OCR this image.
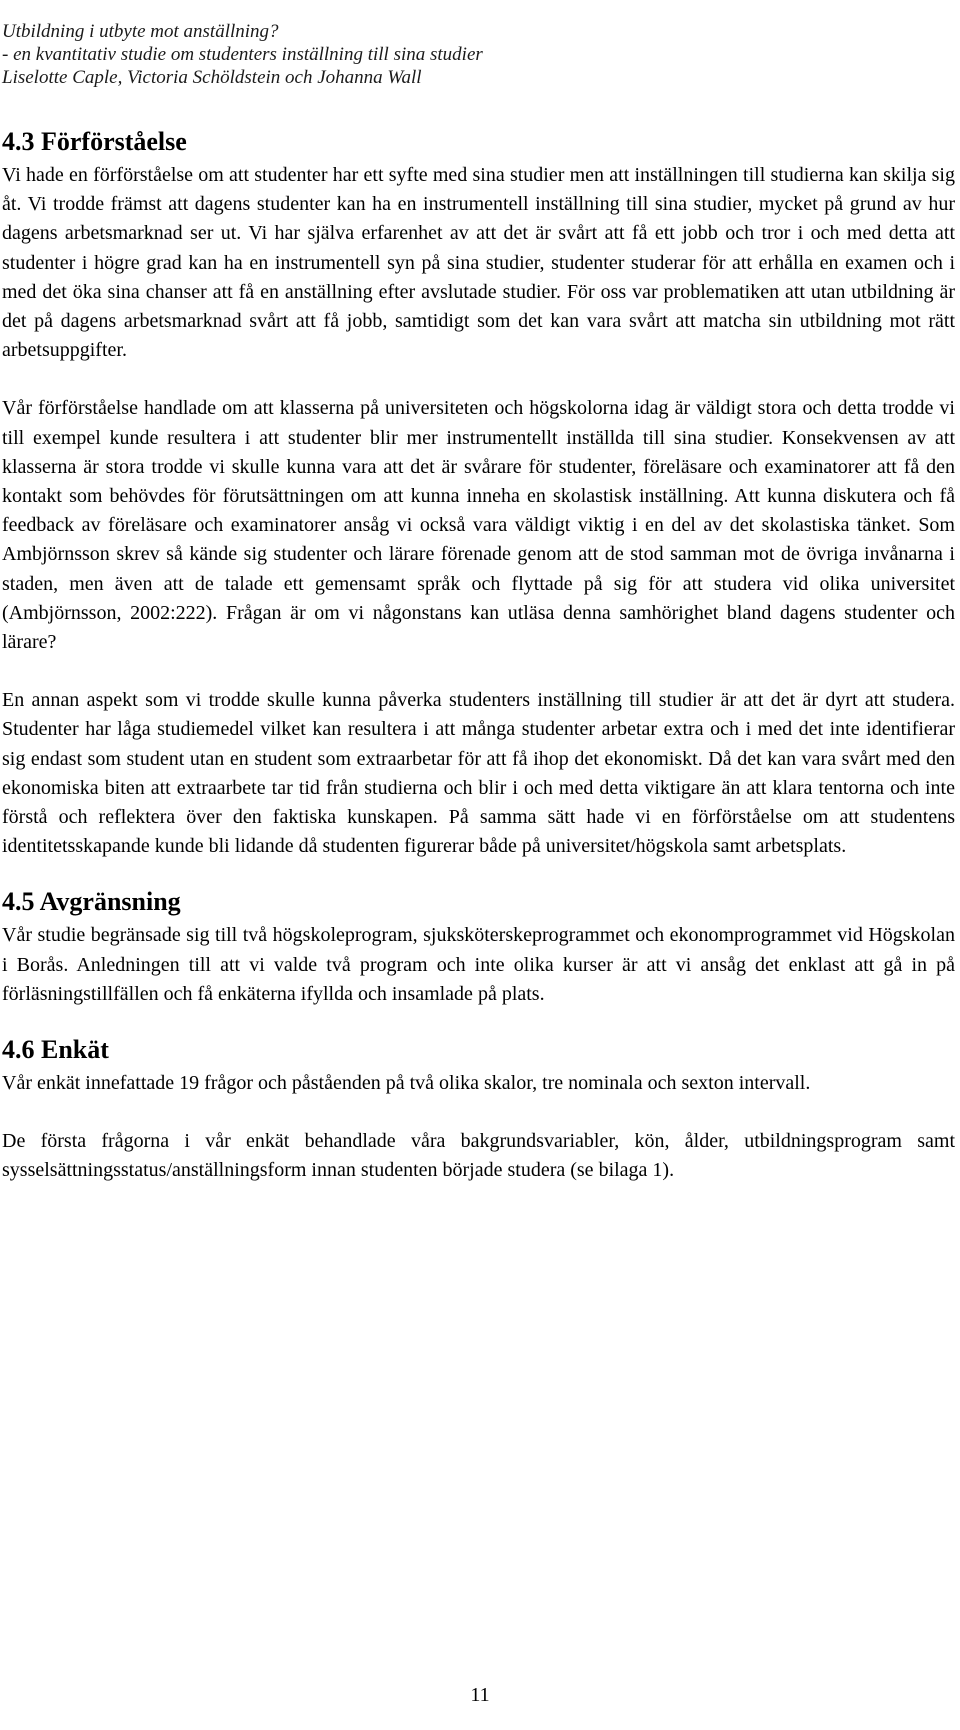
Utbildning i utbyte mot anställning?
- en kvantitativ studie om studenters inställning till sina studier
Liselotte Caple, Victoria Schöldstein och Johanna Wall
4.3 Förförståelse

Vi hade en förförståelse om att studenter har ett syfte med sina studier men att inställningen till studierna kan skilja sig åt. Vi trodde främst att dagens studenter kan ha en instrumentell inställning till sina studier, mycket på grund av hur dagens arbetsmarknad ser ut. Vi har själva erfarenhet av att det är svårt att få ett jobb och tror i och med detta att studenter i högre grad kan ha en instrumentell syn på sina studier, studenter studerar för att erhålla en examen och i med det öka sina chanser att få en anställning efter avslutade studier. För oss var problematiken att utan utbildning är det på dagens arbetsmarknad svårt att få jobb, samtidigt som det kan vara svårt att matcha sin utbildning mot rätt arbetsuppgifter.

Vår förförståelse handlade om att klasserna på universiteten och högskolorna idag är väldigt stora och detta trodde vi till exempel kunde resultera i att studenter blir mer instrumentellt inställda till sina studier. Konsekvensen av att klasserna är stora trodde vi skulle kunna vara att det är svårare för studenter, föreläsare och examinatorer att få den kontakt som behövdes för förutsättningen om att kunna inneha en skolastisk inställning. Att kunna diskutera och få feedback av föreläsare och examinatorer ansåg vi också vara väldigt viktig i en del av det skolastiska tänket. Som Ambjörnsson skrev så kände sig studenter och lärare förenade genom att de stod samman mot de övriga invånarna i staden, men även att de talade ett gemensamt språk och flyttade på sig för att studera vid olika universitet (Ambjörnsson, 2002:222). Frågan är om vi någonstans kan utläsa denna samhörighet bland dagens studenter och lärare?

En annan aspekt som vi trodde skulle kunna påverka studenters inställning till studier är att det är dyrt att studera. Studenter har låga studiemedel vilket kan resultera i att många studenter arbetar extra och i med det inte identifierar sig endast som student utan en student som extraarbetar för att få ihop det ekonomiskt. Då det kan vara svårt med den ekonomiska biten att extraarbete tar tid från studierna och blir i och med detta viktigare än att klara tentorna och inte förstå och reflektera över den faktiska kunskapen. På samma sätt hade vi en förförståelse om att studentens identitetsskapande kunde bli lidande då studenten figurerar både på universitet/högskola samt arbetsplats.

4.5 Avgränsning

Vår studie begränsade sig till två högskoleprogram, sjuksköterskeprogrammet och ekonomprogrammet vid Högskolan i Borås. Anledningen till att vi valde två program och inte olika kurser är att vi ansåg det enklast att gå in på förläsningstillfällen och få enkäterna ifyllda och insamlade på plats.

4.6 Enkät

Vår enkät innefattade 19 frågor och påståenden på två olika skalor, tre nominala och sexton intervall.

De första frågorna i vår enkät behandlade våra bakgrundsvariabler, kön, ålder, utbildningsprogram samt sysselsättningsstatus/anställningsform innan studenten började studera (se bilaga 1).

11
